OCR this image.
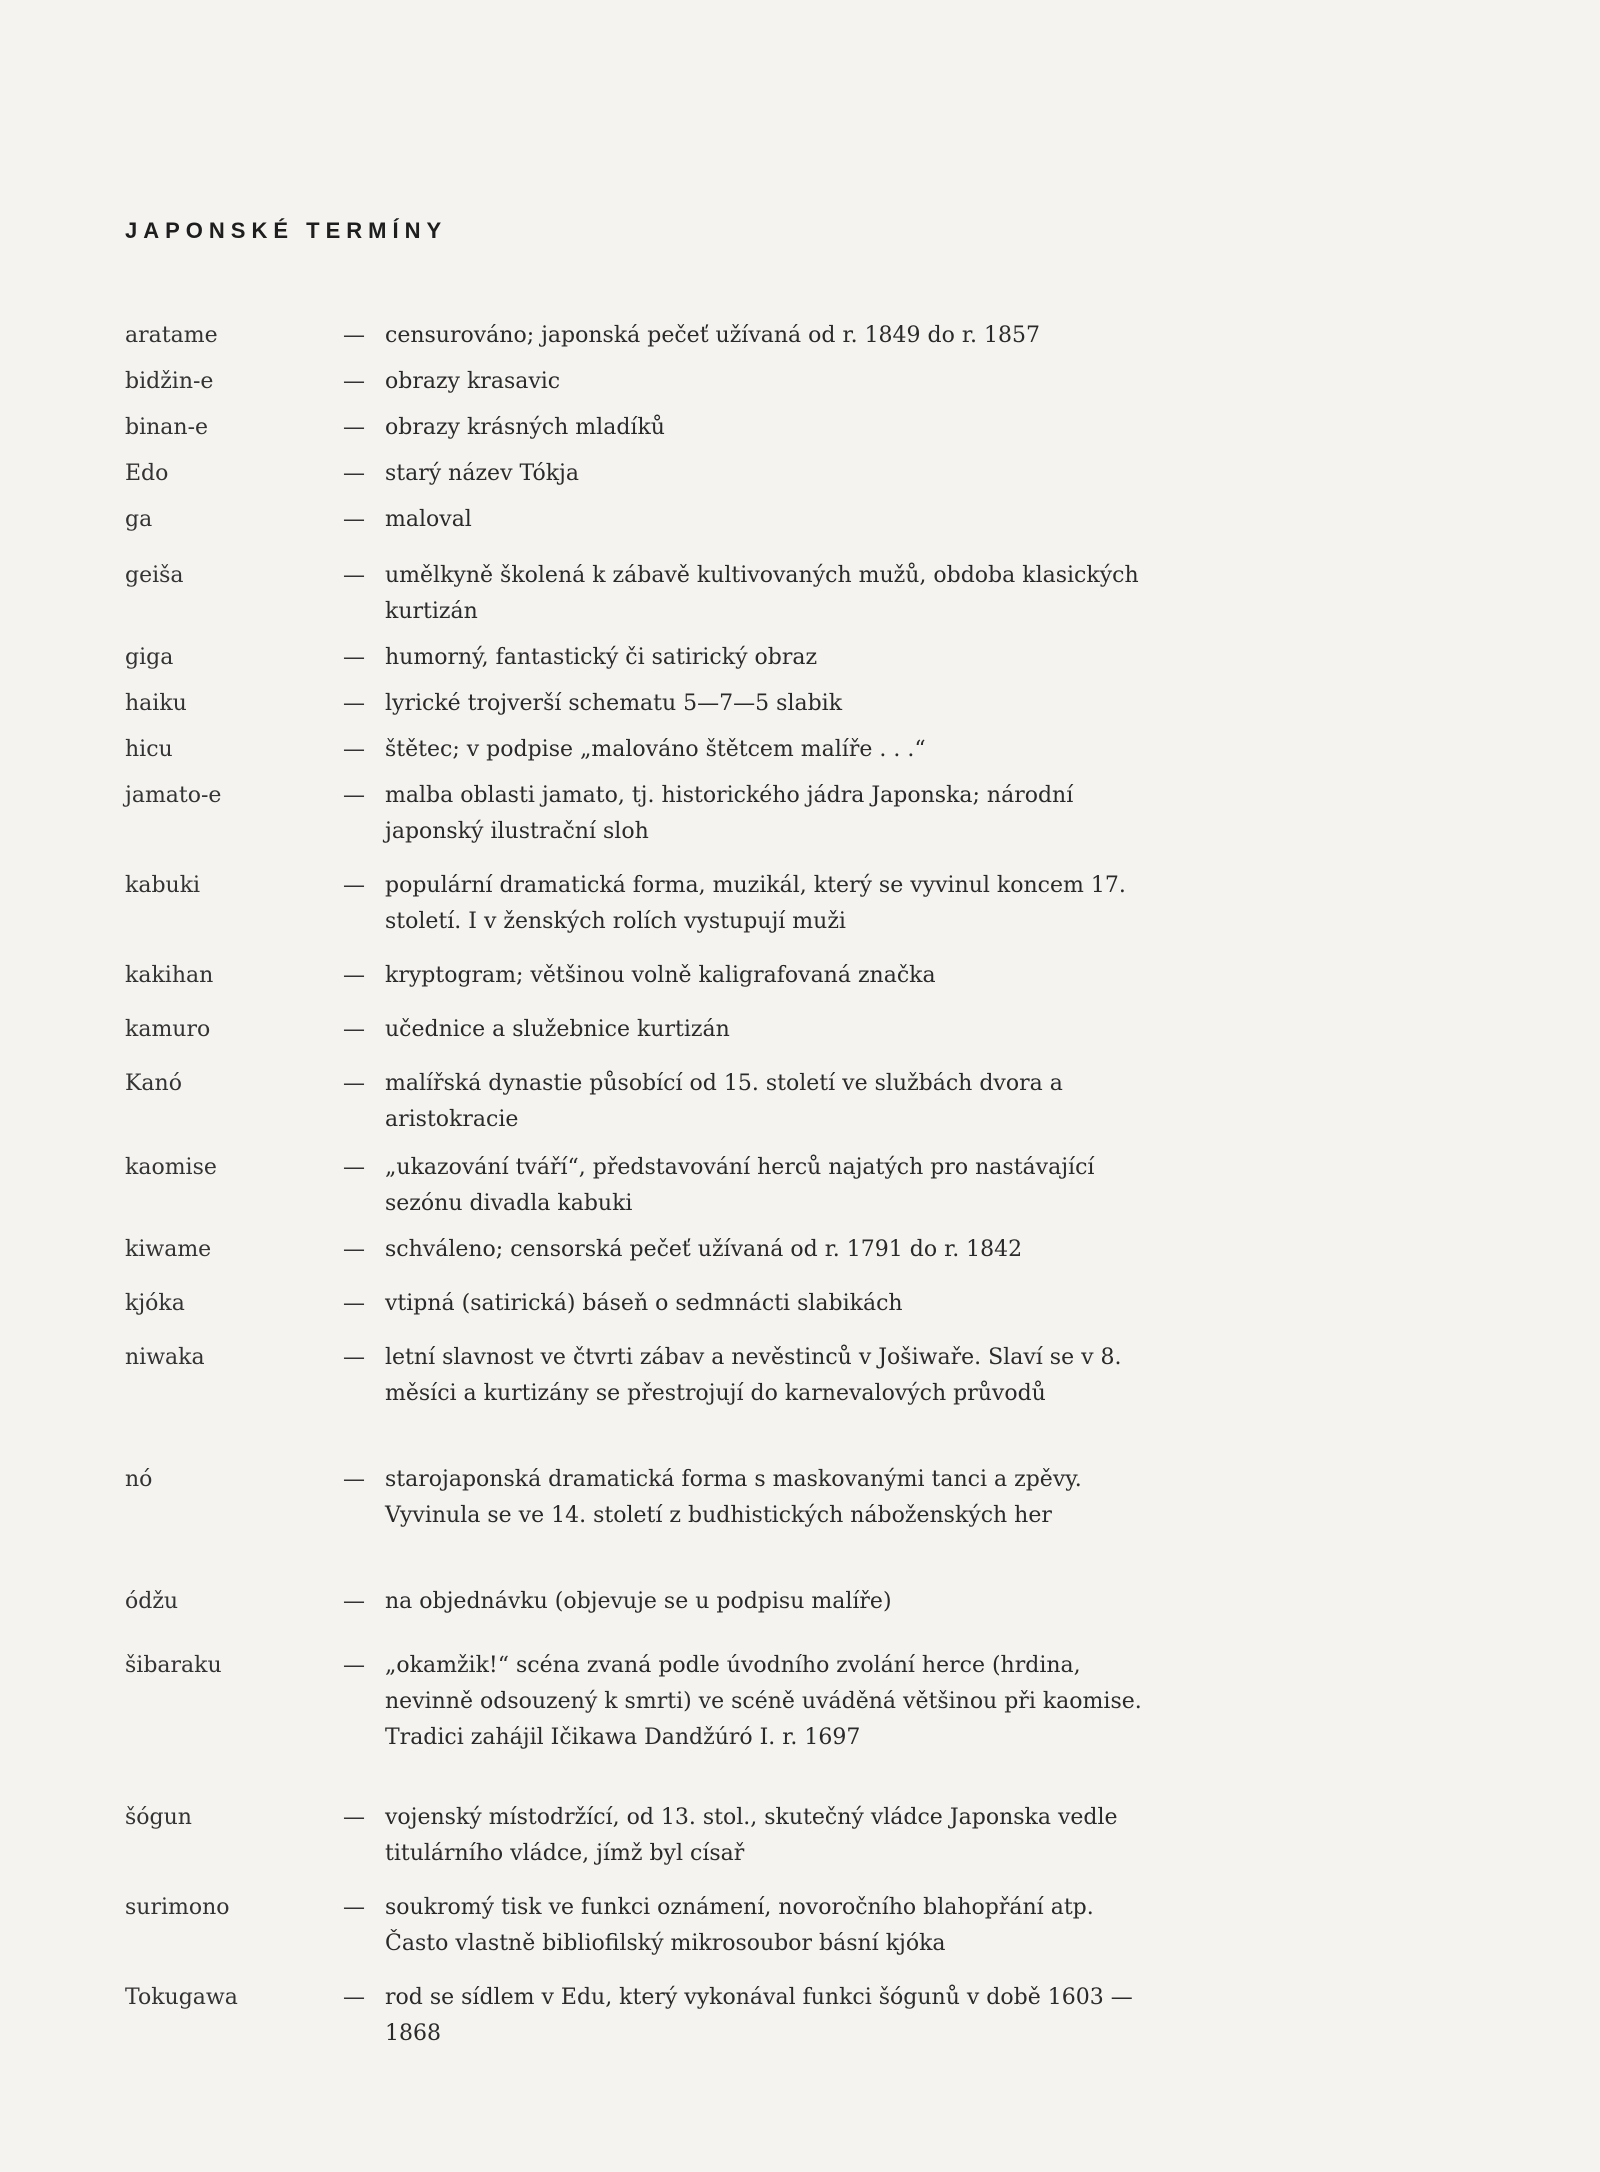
JAPONSKÉ TERMÍNY
aratame	— censurováno; japonská pečeť užívaná od r. 1849 do r. 1857
bidžin-e	— obrazy krasavic
binan-e	— obrazy krásných mladíků
Edo	— starý název Tókja
ga	— maloval
geiša	— umělkyně školená k zábavě kultivovaných mužů, obdoba klasických kurtizán
giga	— humorný, fantastický či satirický obraz
haiku	— lyrické trojverší schematu 5—7—5 slabik
hicu	— štětec; v podpise „malováno štětcem malíře . . .“
jamato-e	— malba oblasti jamato, tj. historického jádra Japonska; národní japonský ilustrační sloh
kabuki	— populární dramatická forma, muzikál, který se vyvinul koncem 17. století. I v ženských rolích vystupují muži
kakihan	— kryptogram; většinou volně kaligrafovaná značka
kamuro	— učednice a služebnice kurtizán
Kanó	— malířská dynastie působící od 15. století ve službách dvora a aristokracie
kaomise	— „ukazování tváří“, představování herců najatých pro nastávající sezónu divadla kabuki
kiwame	— schváleno; censorská pečeť užívaná od r. 1791 do r. 1842
kjóka	— vtipná (satirická) báseň o sedmnácti slabikách
niwaka	— letní slavnost ve čtvrti zábav a nevěstinců v Jošiwaře. Slaví se v 8. měsíci a kurtizány se přestrojují do karnevalových průvodů
nó	— starojaponská dramatická forma s maskovanými tanci a zpěvy. Vyvinula se ve 14. století z budhistických náboženských her
ódžu	— na objednávku (objevuje se u podpisu malíře)
šibaraku	— „okamžik!“ scéna zvaná podle úvodního zvolání herce (hrdina, nevinně odsouzený k smrti) ve scéně uváděná většinou při kaomise. Tradici zahájil Ičikawa Dandžúró I. r. 1697
šógun	— vojenský místodržící, od 13. stol., skutečný vládce Japonska vedle titulárního vládce, jímž byl císař
surimono	— soukromý tisk ve funkci oznámení, novoročního blahopřání atp. Často vlastně bibliofilský mikrosoubor básní kjóka
Tokugawa	— rod se sídlem v Edu, který vykonával funkci šógunů v době 1603 — 1868
